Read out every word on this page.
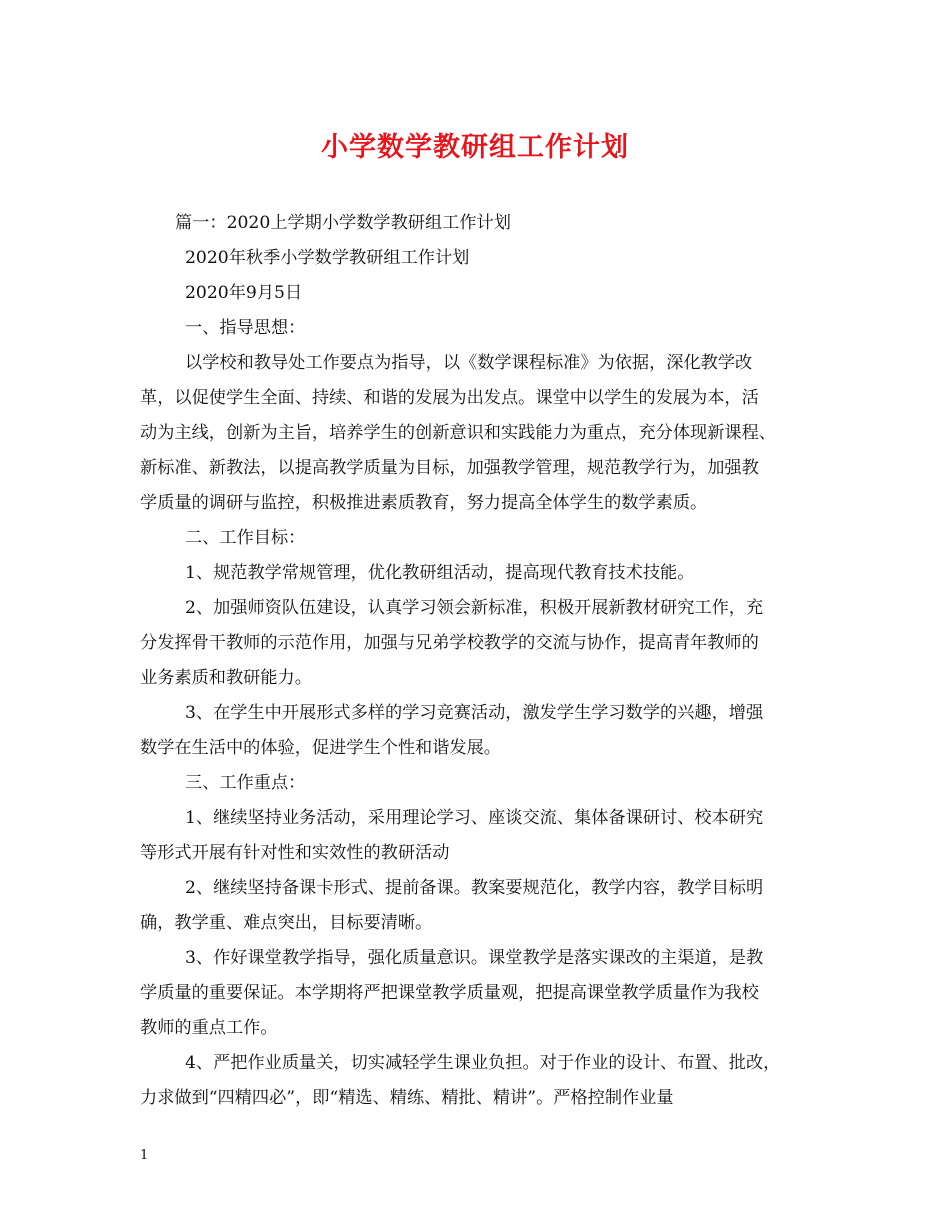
小学数学教研组工作计划
篇一：2020上学期小学数学教研组工作计划
2020年秋季小学数学教研组工作计划
2020年9月5日
一、指导思想：
以学校和教导处工作要点为指导，以《数学课程标准》为依据，深化教学改
革，以促使学生全面、持续、和谐的发展为出发点。课堂中以学生的发展为本，活
动为主线，创新为主旨，培养学生的创新意识和实践能力为重点，充分体现新课程、
新标准、新教法，以提高教学质量为目标，加强教学管理，规范教学行为，加强教
学质量的调研与监控，积极推进素质教育，努力提高全体学生的数学素质。
二、工作目标：
1、规范教学常规管理，优化教研组活动，提高现代教育技术技能。
2、加强师资队伍建设，认真学习领会新标准，积极开展新教材研究工作，充
分发挥骨干教师的示范作用，加强与兄弟学校教学的交流与协作，提高青年教师的
业务素质和教研能力。
3、在学生中开展形式多样的学习竞赛活动，激发学生学习数学的兴趣，增强
数学在生活中的体验，促进学生个性和谐发展。
三、工作重点：
1、继续坚持业务活动，采用理论学习、座谈交流、集体备课研讨、校本研究
等形式开展有针对性和实效性的教研活动
2、继续坚持备课卡形式、提前备课。教案要规范化，教学内容，教学目标明
确，教学重、难点突出，目标要清晰。
3、作好课堂教学指导，强化质量意识。课堂教学是落实课改的主渠道，是教
学质量的重要保证。本学期将严把课堂教学质量观，把提高课堂教学质量作为我校
教师的重点工作。
4、严把作业质量关，切实减轻学生课业负担。对于作业的设计、布置、批改，
力求做到“四精四必”，即“精选、精练、精批、精讲”。严格控制作业量
1
